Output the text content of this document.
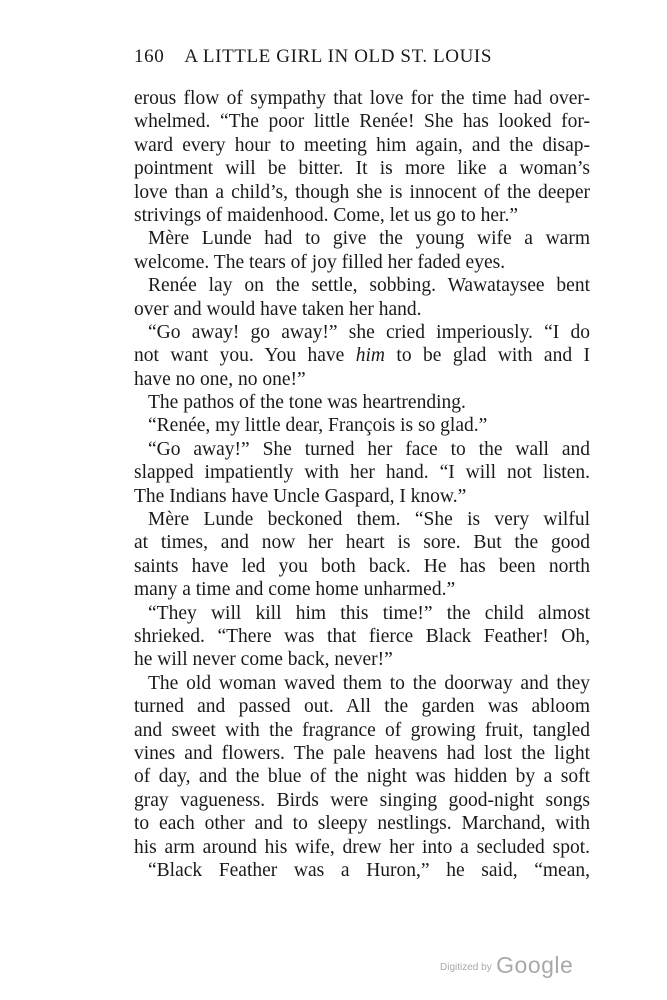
160 A LITTLE GIRL IN OLD ST. LOUIS
erous flow of sympathy that love for the time had over-
whelmed. “The poor little Renée! She has looked for-
ward every hour to meeting him again, and the disap-
pointment will be bitter. It is more like a woman’s
love than a child’s, though she is innocent of the deeper
strivings of maidenhood. Come, let us go to her.”
Mère Lunde had to give the young wife a warm
welcome. The tears of joy filled her faded eyes.
Renée lay on the settle, sobbing. Wawataysee bent
over and would have taken her hand.
“Go away! go away!” she cried imperiously. “I do
not want you. You have him to be glad with and I
have no one, no one!”
The pathos of the tone was heartrending.
“Renée, my little dear, François is so glad.”
“Go away!” She turned her face to the wall and
slapped impatiently with her hand. “I will not listen.
The Indians have Uncle Gaspard, I know.”
Mère Lunde beckoned them. “She is very wilful
at times, and now her heart is sore. But the good
saints have led you both back. He has been north
many a time and come home unharmed.”
“They will kill him this time!” the child almost
shrieked. “There was that fierce Black Feather! Oh,
he will never come back, never!”
The old woman waved them to the doorway and they
turned and passed out. All the garden was abloom
and sweet with the fragrance of growing fruit, tangled
vines and flowers. The pale heavens had lost the light
of day, and the blue of the night was hidden by a soft
gray vagueness. Birds were singing good-night songs
to each other and to sleepy nestlings. Marchand, with
his arm around his wife, drew her into a secluded spot.
“Black Feather was a Huron,” he said, “mean,
Digitized by Google
